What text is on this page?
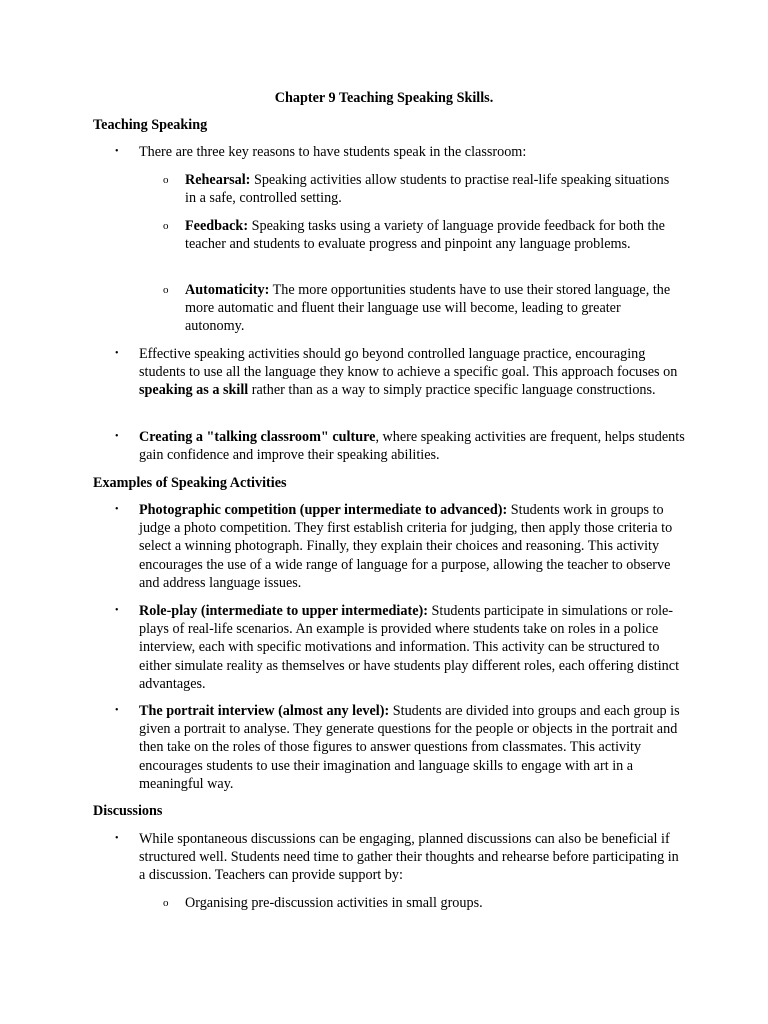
Chapter 9 Teaching Speaking Skills.
Teaching Speaking
• There are three key reasons to have students speak in the classroom:
o Rehearsal: Speaking activities allow students to practise real-life speaking situations in a safe, controlled setting.
o Feedback: Speaking tasks using a variety of language provide feedback for both the teacher and students to evaluate progress and pinpoint any language problems.
o Automaticity: The more opportunities students have to use their stored language, the more automatic and fluent their language use will become, leading to greater autonomy.
• Effective speaking activities should go beyond controlled language practice, encouraging students to use all the language they know to achieve a specific goal. This approach focuses on speaking as a skill rather than as a way to simply practice specific language constructions.
• Creating a "talking classroom" culture, where speaking activities are frequent, helps students gain confidence and improve their speaking abilities.
Examples of Speaking Activities
• Photographic competition (upper intermediate to advanced): Students work in groups to judge a photo competition. They first establish criteria for judging, then apply those criteria to select a winning photograph. Finally, they explain their choices and reasoning. This activity encourages the use of a wide range of language for a purpose, allowing the teacher to observe and address language issues.
• Role-play (intermediate to upper intermediate): Students participate in simulations or role-plays of real-life scenarios. An example is provided where students take on roles in a police interview, each with specific motivations and information. This activity can be structured to either simulate reality as themselves or have students play different roles, each offering distinct advantages.
• The portrait interview (almost any level): Students are divided into groups and each group is given a portrait to analyse. They generate questions for the people or objects in the portrait and then take on the roles of those figures to answer questions from classmates. This activity encourages students to use their imagination and language skills to engage with art in a meaningful way.
Discussions
• While spontaneous discussions can be engaging, planned discussions can also be beneficial if structured well. Students need time to gather their thoughts and rehearse before participating in a discussion. Teachers can provide support by:
o Organising pre-discussion activities in small groups.
